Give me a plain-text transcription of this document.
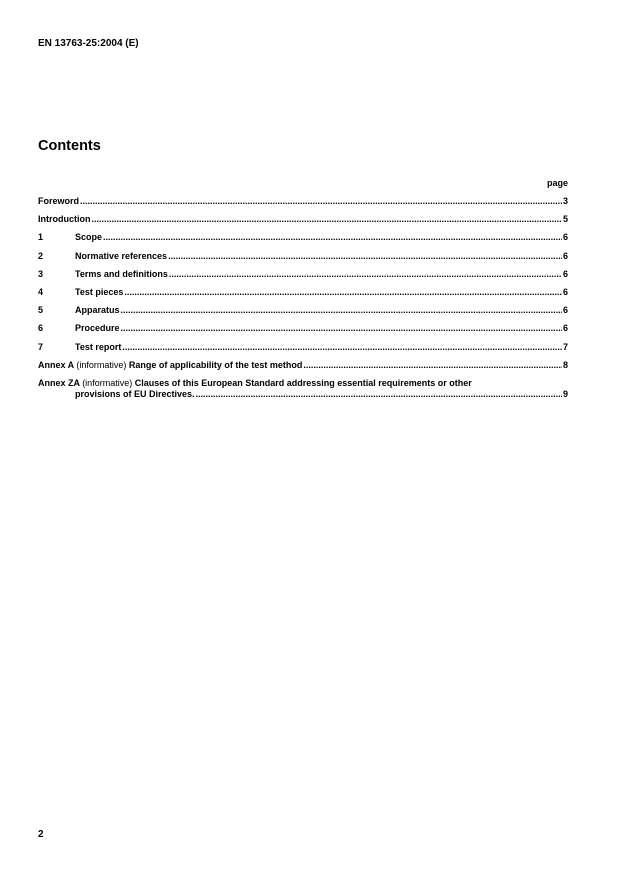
EN 13763-25:2004 (E)
Contents
page
Foreword .....	3
Introduction .....	5
1	Scope .....	6
2	Normative references .....	6
3	Terms and definitions .....	6
4	Test pieces .....	6
5	Apparatus .....	6
6	Procedure .....	6
7	Test report .....	7
Annex A (informative) Range of applicability of the test method .....	8
Annex ZA (informative) Clauses of this European Standard addressing essential requirements or other
provisions of EU Directives. .....	9
2
